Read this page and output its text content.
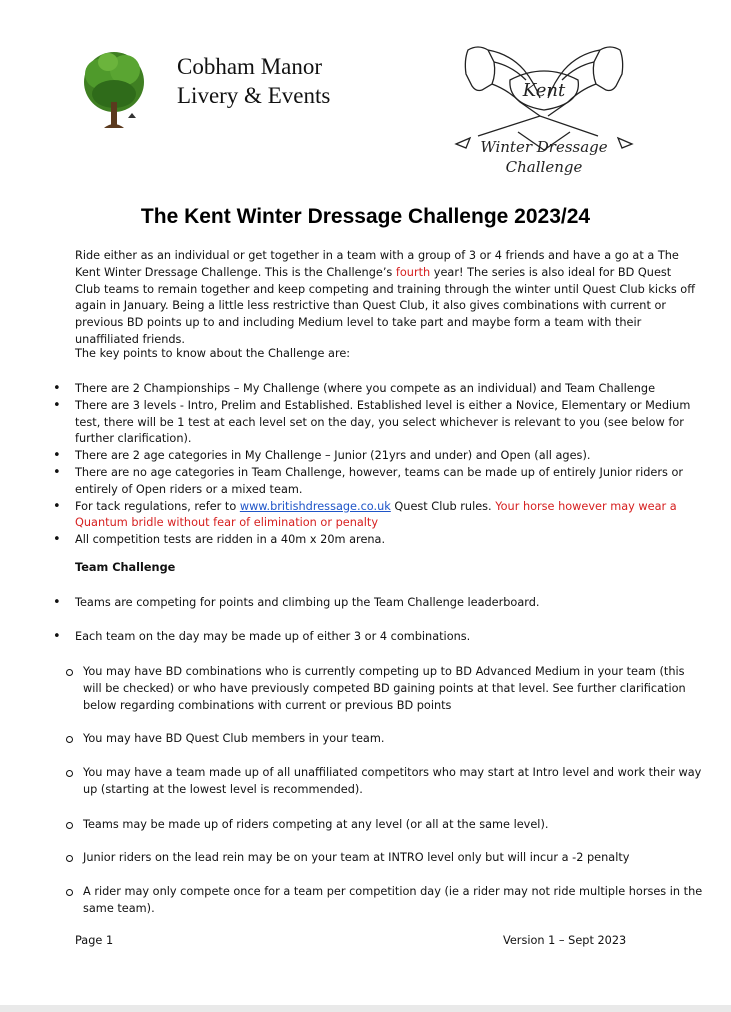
Cobham Manor
Livery & Events	Kent
Winter Dressage
Challenge
The Kent Winter Dressage Challenge 2023/24

Ride either as an individual or get together in a team with a group of 3 or 4 friends and have a go at a The Kent Winter Dressage Challenge. This is the Challenge’s fourth year! The series is also ideal for BD Quest Club teams to remain together and keep competing and training through the winter until Quest Club kicks off again in January. Being a little less restrictive than Quest Club, it also gives combinations with current or previous BD points up to and including Medium level to take part and maybe form a team with their unaffiliated friends.

The key points to know about the Challenge are:
• There are 2 Championships – My Challenge (where you compete as an individual) and Team Challenge
• There are 3 levels - Intro, Prelim and Established. Established level is either a Novice, Elementary or Medium test, there will be 1 test at each level set on the day, you select whichever is relevant to you (see below for further clarification).
• There are 2 age categories in My Challenge – Junior (21yrs and under) and Open (all ages).
• There are no age categories in Team Challenge, however, teams can be made up of entirely Junior riders or entirely of Open riders or a mixed team.
• For tack regulations, refer to www.britishdressage.co.uk Quest Club rules. Your horse however may wear a Quantum bridle without fear of elimination or penalty
• All competition tests are ridden in a 40m x 20m arena.
Team Challenge
• Teams are competing for points and climbing up the Team Challenge leaderboard.
• Each team on the day may be made up of either 3 or 4 combinations.
You may have BD combinations who is currently competing up to BD Advanced Medium in your team (this will be checked) or who have previously competed BD gaining points at that level. See further clarification below regarding combinations with current or previous BD points
You may have BD Quest Club members in your team.
You may have a team made up of all unaffiliated competitors who may start at Intro level and work their way up (starting at the lowest level is recommended).
Teams may be made up of riders competing at any level (or all at the same level).
Junior riders on the lead rein may be on your team at INTRO level only but will incur a -2 penalty
A rider may only compete once for a team per competition day (ie a rider may not ride multiple horses in the same team).
Page 1	Version 1 – Sept 2023
